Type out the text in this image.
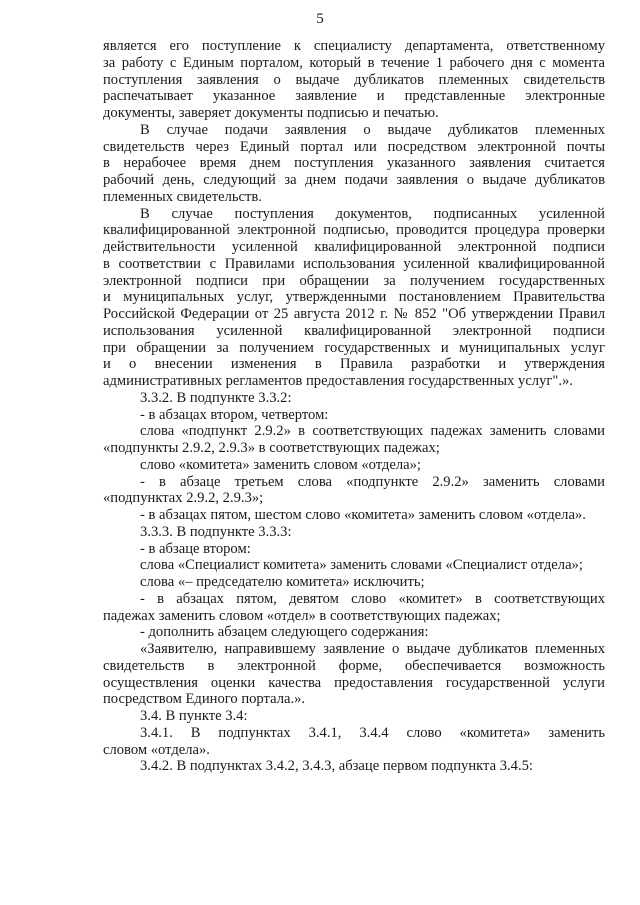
5
является его поступление к специалисту департамента, ответственному
за работу с Единым порталом, который в течение 1 рабочего дня с момента
поступления заявления о выдаче дубликатов племенных свидетельств
распечатывает указанное заявление и представленные электронные
документы, заверяет документы подписью и печатью.
В случае подачи заявления о выдаче дубликатов племенных
свидетельств через Единый портал или посредством электронной почты
в нерабочее время днем поступления указанного заявления считается
рабочий день, следующий за днем подачи заявления о выдаче дубликатов
племенных свидетельств.
В случае поступления документов, подписанных усиленной
квалифицированной электронной подписью, проводится процедура проверки
действительности усиленной квалифицированной электронной подписи
в соответствии с Правилами использования усиленной квалифицированной
электронной подписи при обращении за получением государственных
и муниципальных услуг, утвержденными постановлением Правительства
Российской Федерации от 25 августа 2012 г. № 852 "Об утверждении Правил
использования усиленной квалифицированной электронной подписи
при обращении за получением государственных и муниципальных услуг
и о внесении изменения в Правила разработки и утверждения
административных регламентов предоставления государственных услуг".».
3.3.2. В подпункте 3.3.2:
- в абзацах втором, четвертом:
слова «подпункт 2.9.2» в соответствующих падежах заменить словами
«подпункты 2.9.2, 2.9.3» в соответствующих падежах;
слово «комитета» заменить словом «отдела»;
- в абзаце третьем слова «подпункте 2.9.2» заменить словами
«подпунктах 2.9.2, 2.9.3»;
- в абзацах пятом, шестом слово «комитета» заменить словом «отдела».
3.3.3. В подпункте 3.3.3:
- в абзаце втором:
слова «Специалист комитета» заменить словами «Специалист отдела»;
слова «– председателю комитета» исключить;
- в абзацах пятом, девятом слово «комитет» в соответствующих
падежах заменить словом «отдел» в соответствующих падежах;
- дополнить абзацем следующего содержания:
«Заявителю, направившему заявление о выдаче дубликатов племенных
свидетельств в электронной форме, обеспечивается возможность
осуществления оценки качества предоставления государственной услуги
посредством Единого портала.».
3.4. В пункте 3.4:
3.4.1. В подпунктах 3.4.1, 3.4.4 слово «комитета» заменить
словом «отдела».
3.4.2. В подпунктах 3.4.2, 3.4.3, абзаце первом подпункта 3.4.5:
